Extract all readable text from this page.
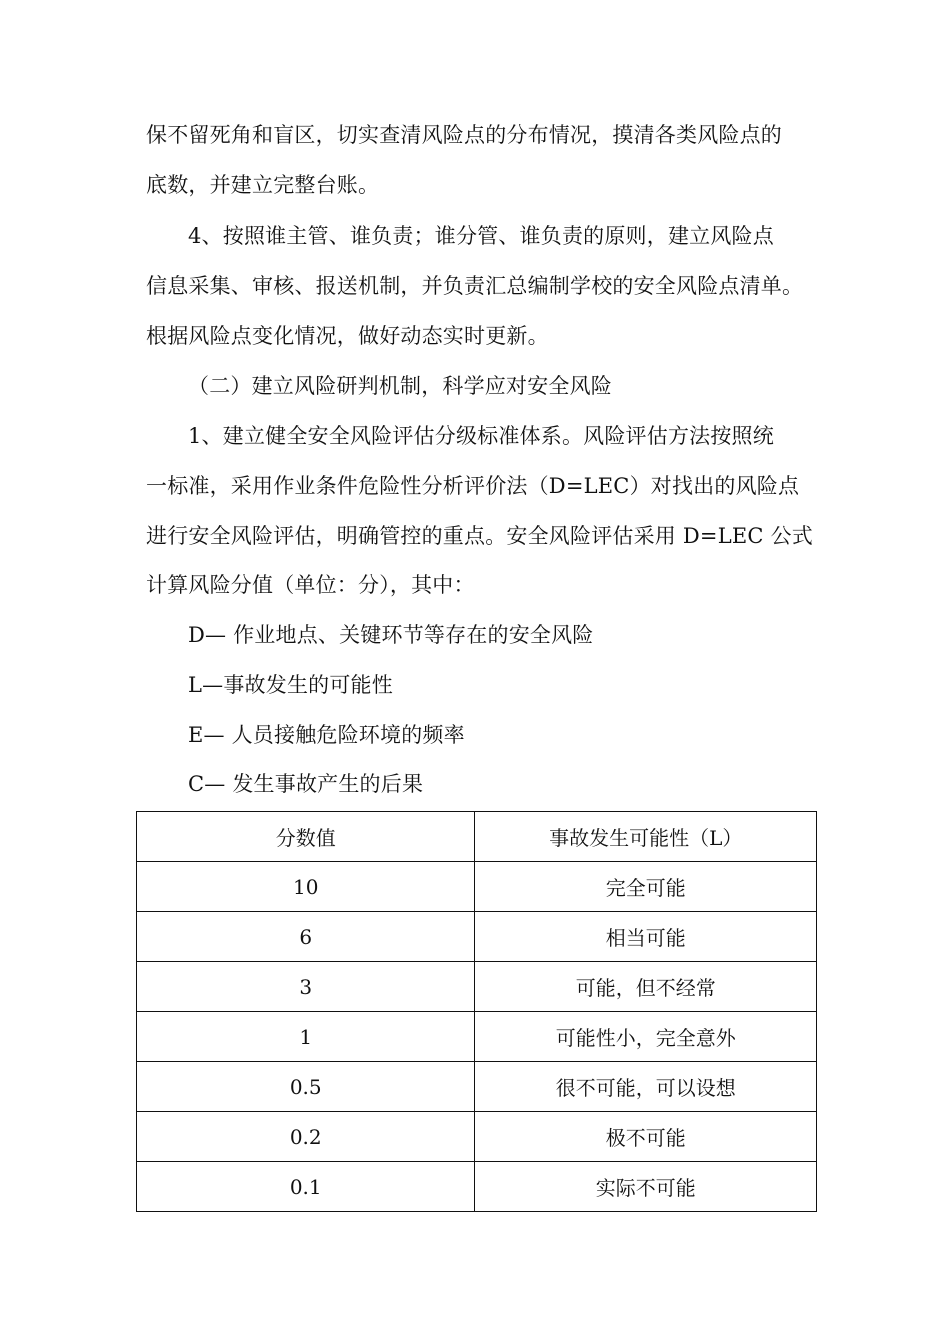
保不留死角和盲区，切实查清风险点的分布情况，摸清各类风险点的
底数，并建立完整台账。
4、按照谁主管、谁负责；谁分管、谁负责的原则，建立风险点
信息采集、审核、报送机制，并负责汇总编制学校的安全风险点清单。
根据风险点变化情况，做好动态实时更新。
（二）建立风险研判机制，科学应对安全风险
1、建立健全安全风险评估分级标准体系。风险评估方法按照统
一标准，采用作业条件危险性分析评价法（D=LEC）对找出的风险点
进行安全风险评估，明确管控的重点。安全风险评估采用 D=LEC 公式
计算风险分值（单位：分），其中：
D— 作业地点、关键环节等存在的安全风险
L—事故发生的可能性
E— 人员接触危险环境的频率
C— 发生事故产生的后果
分数值	事故发生可能性（L）
10	完全可能
6	相当可能
3	可能，但不经常
1	可能性小，完全意外
0.5	很不可能，可以设想
0.2	极不可能
0.1	实际不可能
